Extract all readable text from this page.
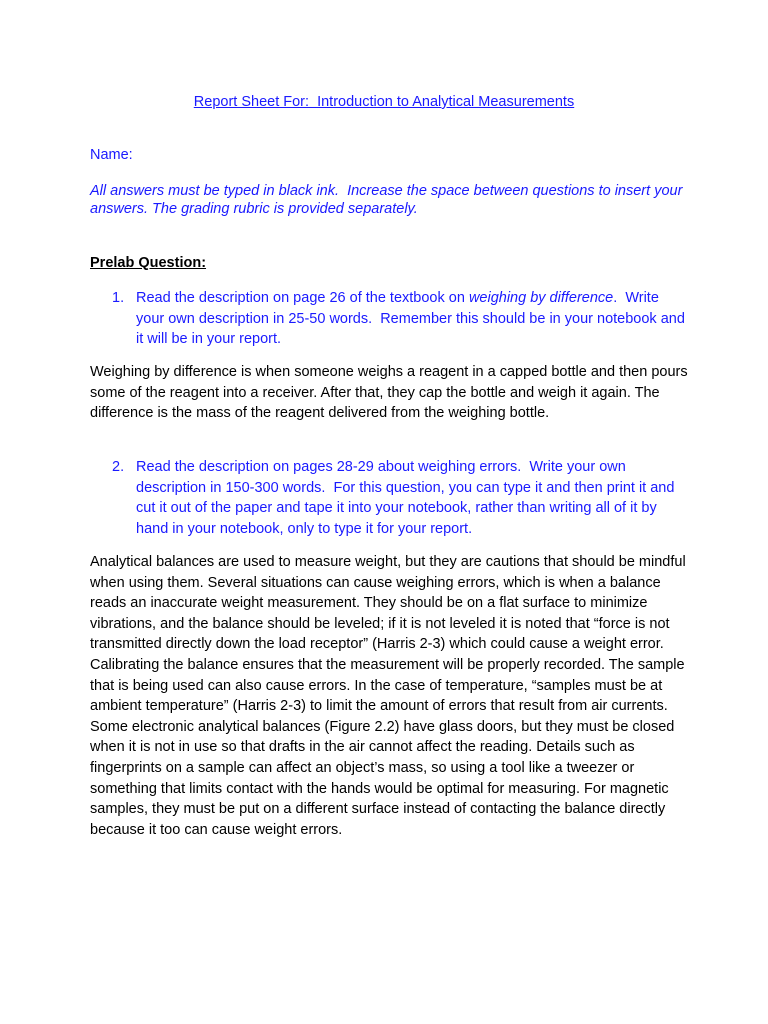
Report Sheet For:  Introduction to Analytical Measurements
Name:
All answers must be typed in black ink.  Increase the space between questions to insert your answers. The grading rubric is provided separately.
Prelab Question:
1. Read the description on page 26 of the textbook on weighing by difference.  Write your own description in 25-50 words.  Remember this should be in your notebook and it will be in your report.
Weighing by difference is when someone weighs a reagent in a capped bottle and then pours some of the reagent into a receiver. After that, they cap the bottle and weigh it again. The difference is the mass of the reagent delivered from the weighing bottle.
2. Read the description on pages 28-29 about weighing errors.  Write your own description in 150-300 words.  For this question, you can type it and then print it and cut it out of the paper and tape it into your notebook, rather than writing all of it by hand in your notebook, only to type it for your report.
Analytical balances are used to measure weight, but they are cautions that should be mindful when using them. Several situations can cause weighing errors, which is when a balance reads an inaccurate weight measurement. They should be on a flat surface to minimize vibrations, and the balance should be leveled; if it is not leveled it is noted that “force is not transmitted directly down the load receptor” (Harris 2-3) which could cause a weight error. Calibrating the balance ensures that the measurement will be properly recorded. The sample that is being used can also cause errors. In the case of temperature, “samples must be at ambient temperature” (Harris 2-3) to limit the amount of errors that result from air currents. Some electronic analytical balances (Figure 2.2) have glass doors, but they must be closed when it is not in use so that drafts in the air cannot affect the reading. Details such as fingerprints on a sample can affect an object’s mass, so using a tool like a tweezer or something that limits contact with the hands would be optimal for measuring. For magnetic samples, they must be put on a different surface instead of contacting the balance directly because it too can cause weight errors.
